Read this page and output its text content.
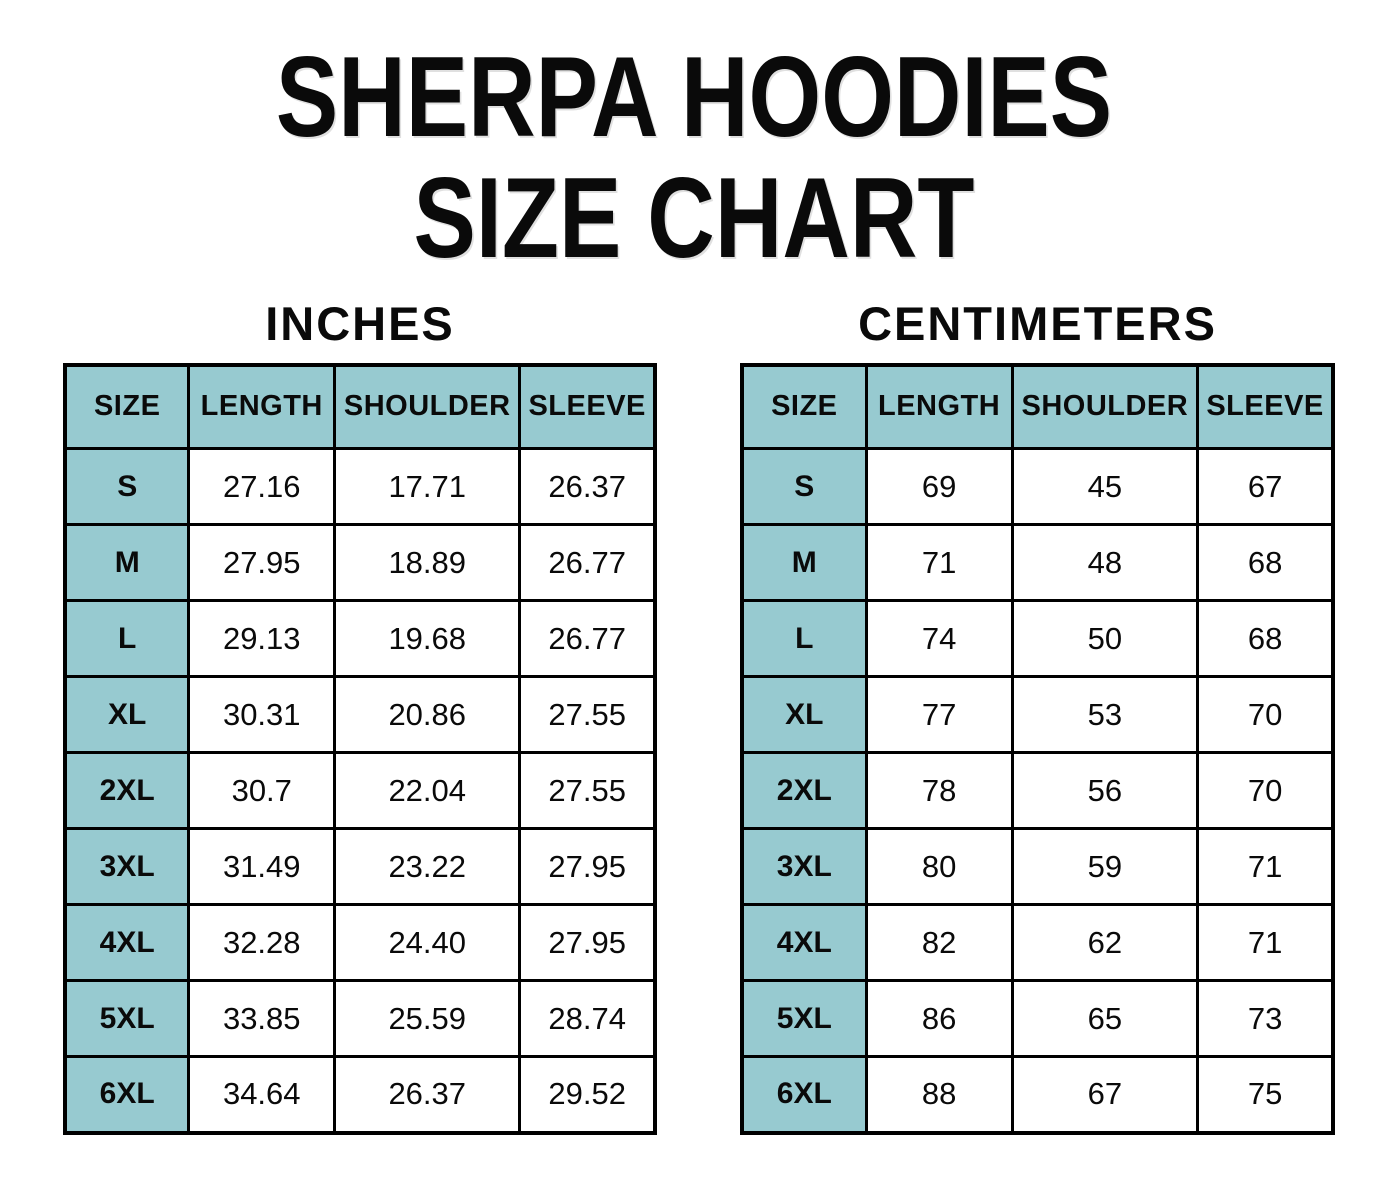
SHERPA HOODIES
SIZE CHART
INCHES
SIZE	LENGTH	SHOULDER	SLEEVE
S	27.16	17.71	26.37
M	27.95	18.89	26.77
L	29.13	19.68	26.77
XL	30.31	20.86	27.55
2XL	30.7	22.04	27.55
3XL	31.49	23.22	27.95
4XL	32.28	24.40	27.95
5XL	33.85	25.59	28.74
6XL	34.64	26.37	29.52
CENTIMETERS
SIZE	LENGTH	SHOULDER	SLEEVE
S	69	45	67
M	71	48	68
L	74	50	68
XL	77	53	70
2XL	78	56	70
3XL	80	59	71
4XL	82	62	71
5XL	86	65	73
6XL	88	67	75
